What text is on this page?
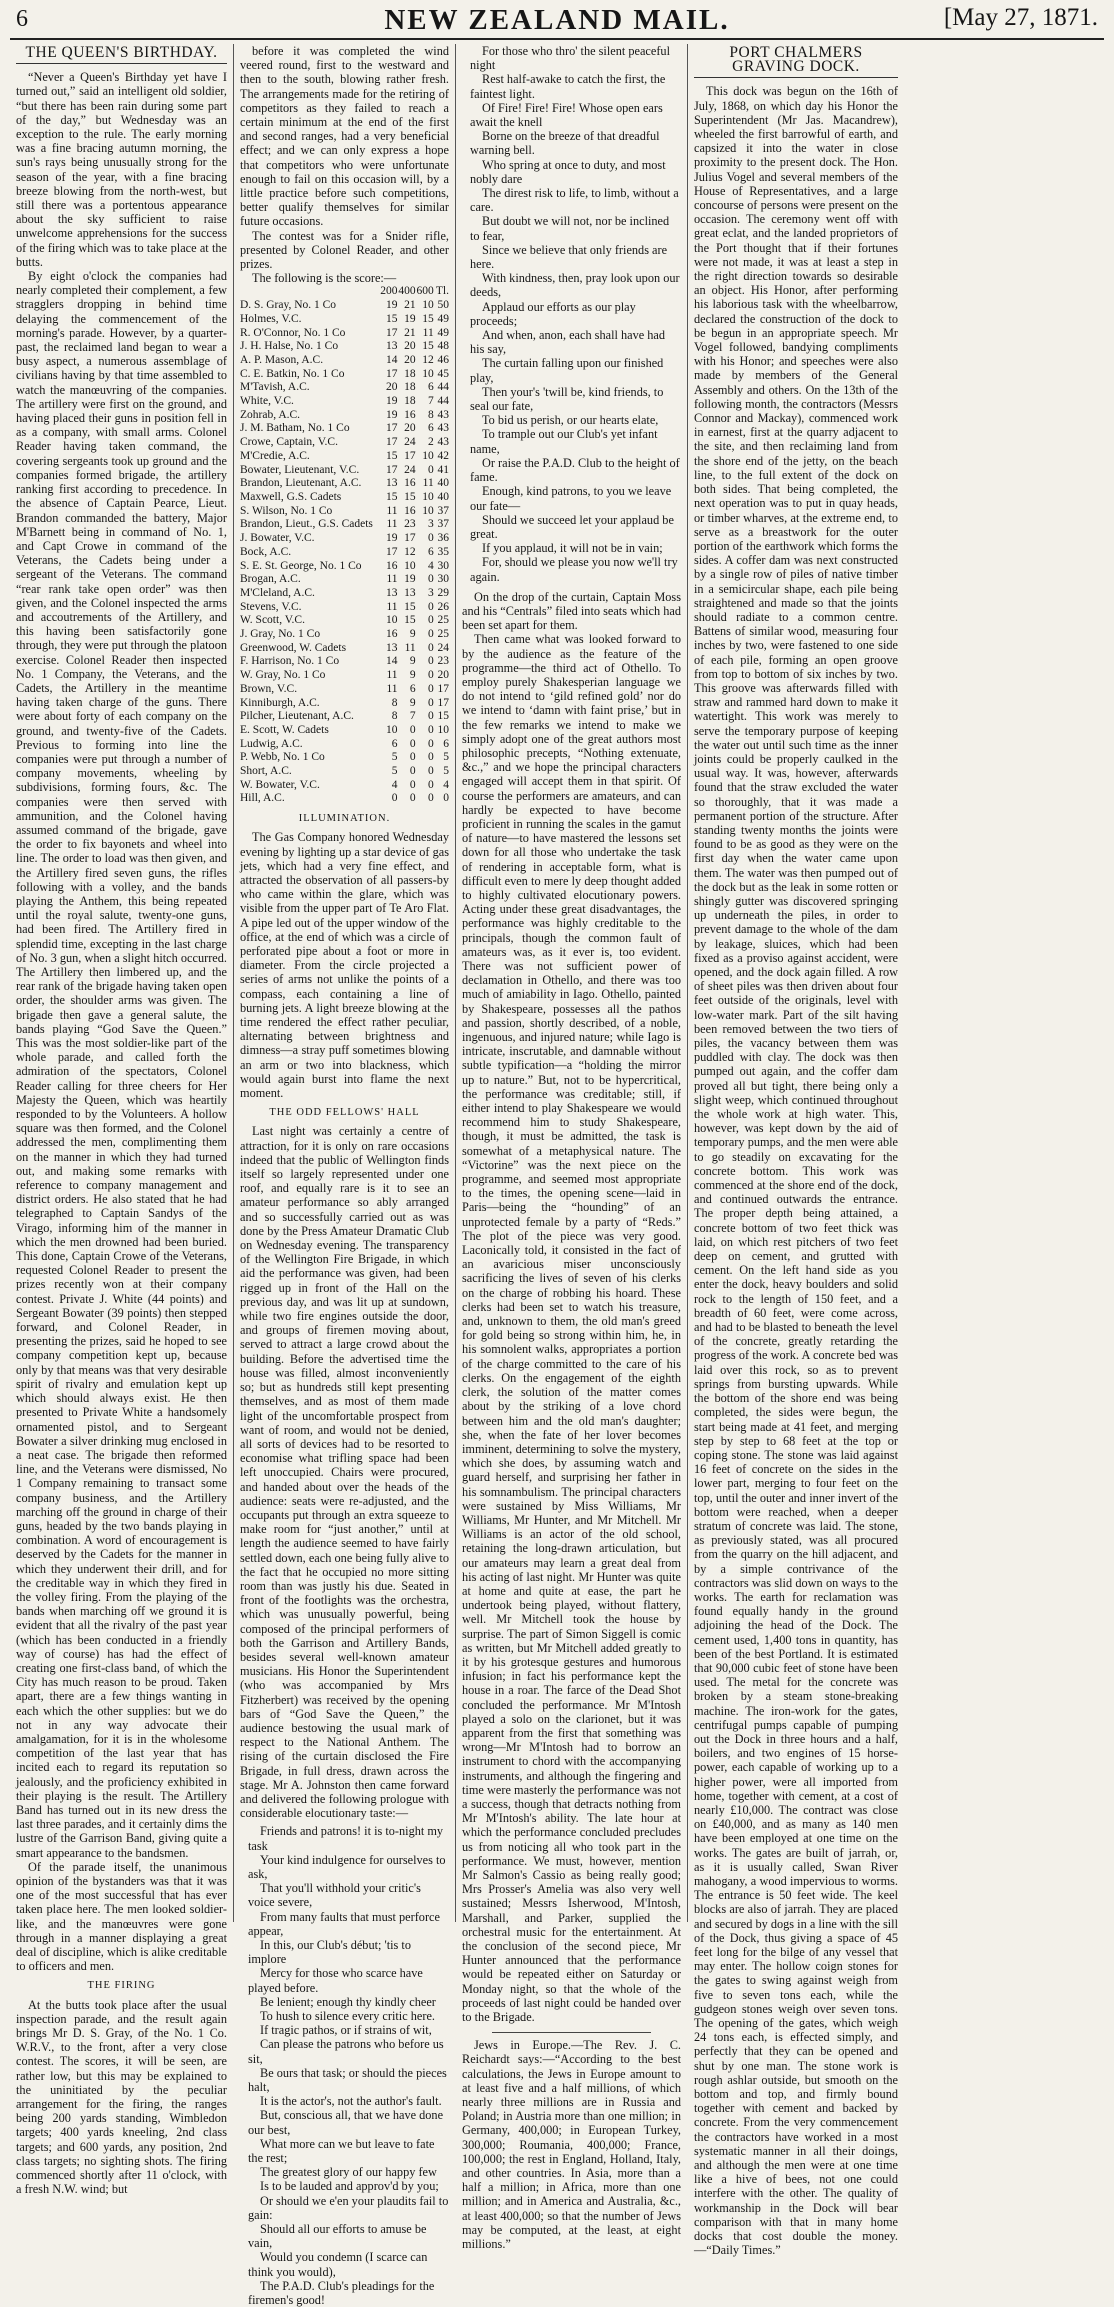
6	NEW ZEALAND MAIL.	[May 27, 1871.
THE QUEEN'S BIRTHDAY.

“Never a Queen's Birthday yet have I turned out,” said an intelligent old soldier, “but there has been rain during some part of the day,” but Wednesday was an exception to the rule. The early morning was a fine bracing autumn morning, the sun's rays being unusually strong for the season of the year, with a fine bracing breeze blowing from the north-west, but still there was a portentous appearance about the sky sufficient to raise unwelcome apprehensions for the success of the firing which was to take place at the butts.

By eight o'clock the companies had nearly completed their complement, a few stragglers dropping in behind time delaying the commencement of the morning's parade. However, by a quarter-past, the reclaimed land began to wear a busy aspect, a numerous assemblage of civilians having by that time assembled to watch the manœuvring of the companies. The artillery were first on the ground, and having placed their guns in position fell in as a company, with small arms. Colonel Reader having taken command, the covering sergeants took up ground and the companies formed brigade, the artillery ranking first according to precedence. In the absence of Captain Pearce, Lieut. Brandon commanded the battery, Major M'Barnett being in command of No. 1, and Capt Crowe in command of the Veterans, the Cadets being under a sergeant of the Veterans. The command “rear rank take open order” was then given, and the Colonel inspected the arms and accoutrements of the Artillery, and this having been satisfactorily gone through, they were put through the platoon exercise. Colonel Reader then inspected No. 1 Company, the Veterans, and the Cadets, the Artillery in the meantime having taken charge of the guns. There were about forty of each company on the ground, and twenty-five of the Cadets. Previous to forming into line the companies were put through a number of company movements, wheeling by subdivisions, forming fours, &c. The companies were then served with ammunition, and the Colonel having assumed command of the brigade, gave the order to fix bayonets and wheel into line. The order to load was then given, and the Artillery fired seven guns, the rifles following with a volley, and the bands playing the Anthem, this being repeated until the royal salute, twenty-one guns, had been fired. The Artillery fired in splendid time, excepting in the last charge of No. 3 gun, when a slight hitch occurred. The Artillery then limbered up, and the rear rank of the brigade having taken open order, the shoulder arms was given. The brigade then gave a general salute, the bands playing “God Save the Queen.” This was the most soldier-like part of the whole parade, and called forth the admiration of the spectators, Colonel Reader calling for three cheers for Her Majesty the Queen, which was heartily responded to by the Volunteers. A hollow square was then formed, and the Colonel addressed the men, complimenting them on the manner in which they had turned out, and making some remarks with reference to company management and district orders. He also stated that he had telegraphed to Captain Sandys of the Virago, informing him of the manner in which the men drowned had been buried. This done, Captain Crowe of the Veterans, requested Colonel Reader to present the prizes recently won at their company contest. Private J. White (44 points) and Sergeant Bowater (39 points) then stepped forward, and Colonel Reader, in presenting the prizes, said he hoped to see company competition kept up, because only by that means was that very desirable spirit of rivalry and emulation kept up which should always exist. He then presented to Private White a handsomely ornamented pistol, and to Sergeant Bowater a silver drinking mug enclosed in a neat case. The brigade then reformed line, and the Veterans were dismissed, No 1 Company remaining to transact some company business, and the Artillery marching off the ground in charge of their guns, headed by the two bands playing in combination. A word of encouragement is deserved by the Cadets for the manner in which they underwent their drill, and for the creditable way in which they fired in the volley firing. From the playing of the bands when marching off we ground it is evident that all the rivalry of the past year (which has been conducted in a friendly way of course) has had the effect of creating one first-class band, of which the City has much reason to be proud. Taken apart, there are a few things wanting in each which the other supplies: but we do not in any way advocate their amalgamation, for it is in the wholesome competition of the last year that has incited each to regard its reputation so jealously, and the proficiency exhibited in their playing is the result. The Artillery Band has turned out in its new dress the last three parades, and it certainly dims the lustre of the Garrison Band, giving quite a smart appearance to the bandsmen.

Of the parade itself, the unanimous opinion of the bystanders was that it was one of the most successful that has ever taken place here. The men looked soldier-like, and the manœuvres were gone through in a manner displaying a great deal of discipline, which is alike creditable to officers and men.

THE FIRING

At the butts took place after the usual inspection parade, and the result again brings Mr D. S. Gray, of the No. 1 Co. W.R.V., to the front, after a very close contest. The scores, it will be seen, are rather low, but this may be explained to the uninitiated by the peculiar arrangement for the firing, the ranges being 200 yards standing, Wimbledon targets; 400 yards kneeling, 2nd class targets; and 600 yards, any position, 2nd class targets; no sighting shots. The firing commenced shortly after 11 o'clock, with a fresh N.W. wind; but

before it was completed the wind veered round, first to the westward and then to the south, blowing rather fresh. The arrangements made for the retiring of competitors as they failed to reach a certain minimum at the end of the first and second ranges, had a very beneficial effect; and we can only express a hope that competitors who were unfortunate enough to fail on this occasion will, by a little practice before such competitions, better qualify themselves for similar future occasions.

The contest was for a Snider rifle, presented by Colonel Reader, and other prizes.

The following is the score:—

	200	400	600	Tl.
D. S. Gray, No. 1 Co	19	21	10	50
Holmes, V.C.	15	19	15	49
R. O'Connor, No. 1 Co	17	21	11	49
J. H. Halse, No. 1 Co	13	20	15	48
A. P. Mason, A.C.	14	20	12	46
C. E. Batkin, No. 1 Co	17	18	10	45
M'Tavish, A.C.	20	18	6	44
White, V.C.	19	18	7	44
Zohrab, A.C.	19	16	8	43
J. M. Batham, No. 1 Co	17	20	6	43
Crowe, Captain, V.C.	17	24	2	43
M'Credie, A.C.	15	17	10	42
Bowater, Lieutenant, V.C.	17	24	0	41
Brandon, Lieutenant, A.C.	13	16	11	40
Maxwell, G.S. Cadets	15	15	10	40
S. Wilson, No. 1 Co	11	16	10	37
Brandon, Lieut., G.S. Cadets	11	23	3	37
J. Bowater, V.C.	19	17	0	36
Bock, A.C.	17	12	6	35
S. E. St. George, No. 1 Co	16	10	4	30
Brogan, A.C.	11	19	0	30
M'Cleland, A.C.	13	13	3	29
Stevens, V.C.	11	15	0	26
W. Scott, V.C.	10	15	0	25
J. Gray, No. 1 Co	16	9	0	25
Greenwood, W. Cadets	13	11	0	24
F. Harrison, No. 1 Co	14	9	0	23
W. Gray, No. 1 Co	11	9	0	20
Brown, V.C.	11	6	0	17
Kinniburgh, A.C.	8	9	0	17
Pilcher, Lieutenant, A.C.	8	7	0	15
E. Scott, W. Cadets	10	0	0	10
Ludwig, A.C.	6	0	0	6
P. Webb, No. 1 Co	5	0	0	5
Short, A.C.	5	0	0	5
W. Bowater, V.C.	4	0	0	4
Hill, A.C.	0	0	0	0
ILLUMINATION.

The Gas Company honored Wednesday evening by lighting up a star device of gas jets, which had a very fine effect, and attracted the observation of all passers-by who came within the glare, which was visible from the upper part of Te Aro Flat. A pipe led out of the upper window of the office, at the end of which was a circle of perforated pipe about a foot or more in diameter. From the circle projected a series of arms not unlike the points of a compass, each containing a line of burning jets. A light breeze blowing at the time rendered the effect rather peculiar, alternating between brightness and dimness—a stray puff sometimes blowing an arm or two into blackness, which would again burst into flame the next moment.

THE ODD FELLOWS' HALL

Last night was certainly a centre of attraction, for it is only on rare occasions indeed that the public of Wellington finds itself so largely represented under one roof, and equally rare is it to see an amateur performance so ably arranged and so successfully carried out as was done by the Press Amateur Dramatic Club on Wednesday evening. The transparency of the Wellington Fire Brigade, in which aid the performance was given, had been rigged up in front of the Hall on the previous day, and was lit up at sundown, while two fire engines outside the door, and groups of firemen moving about, served to attract a large crowd about the building. Before the advertised time the house was filled, almost inconveniently so; but as hundreds still kept presenting themselves, and as most of them made light of the uncomfortable prospect from want of room, and would not be denied, all sorts of devices had to be resorted to economise what trifling space had been left unoccupied. Chairs were procured, and handed about over the heads of the audience: seats were re-adjusted, and the occupants put through an extra squeeze to make room for “just another,” until at length the audience seemed to have fairly settled down, each one being fully alive to the fact that he occupied no more sitting room than was justly his due. Seated in front of the footlights was the orchestra, which was unusually powerful, being composed of the principal performers of both the Garrison and Artillery Bands, besides several well-known amateur musicians. His Honor the Superintendent (who was accompanied by Mrs Fitzherbert) was received by the opening bars of “God Save the Queen,” the audience bestowing the usual mark of respect to the National Anthem. The rising of the curtain disclosed the Fire Brigade, in full dress, drawn across the stage. Mr A. Johnston then came forward and delivered the following prologue with considerable elocutionary taste:—

Friends and patrons! it is to-night my task

Your kind indulgence for ourselves to ask,

That you'll withhold your critic's voice severe,

From many faults that must perforce appear,

In this, our Club's début; 'tis to implore

Mercy for those who scarce have played before.

Be lenient; enough thy kindly cheer

To hush to silence every critic here.

If tragic pathos, or if strains of wit,

Can please the patrons who before us sit,

Be ours that task; or should the pieces halt,

It is the actor's, not the author's fault.

But, conscious all, that we have done our best,

What more can we but leave to fate the rest;

The greatest glory of our happy few

Is to be lauded and approv'd by you;

Or should we e'en your plaudits fail to gain:

Should all our efforts to amuse be vain,

Would you condemn (I scarce can think you would),

The P.A.D. Club's pleadings for the firemen's good!

For those who thro' the silent peaceful night

Rest half-awake to catch the first, the faintest light.

Of Fire! Fire! Fire! Whose open ears await the knell

Borne on the breeze of that dreadful warning bell.

Who spring at once to duty, and most nobly dare

The direst risk to life, to limb, without a care.

But doubt we will not, nor be inclined to fear,

Since we believe that only friends are here.

With kindness, then, pray look upon our deeds,

Applaud our efforts as our play proceeds;

And when, anon, each shall have had his say,

The curtain falling upon our finished play,

Then your's 'twill be, kind friends, to seal our fate,

To bid us perish, or our hearts elate,

To trample out our Club's yet infant name,

Or raise the P.A.D. Club to the height of fame.

Enough, kind patrons, to you we leave our fate—

Should we succeed let your applaud be great.

If you applaud, it will not be in vain;

For, should we please you now we'll try again.

On the drop of the curtain, Captain Moss and his “Centrals” filed into seats which had been set apart for them.

Then came what was looked forward to by the audience as the feature of the programme—the third act of Othello. To employ purely Shakesperian language we do not intend to ‘gild refined gold’ nor do we intend to ‘damn with faint prise,’ but in the few remarks we intend to make we simply adopt one of the great authors most philosophic precepts, “Nothing extenuate, &c.,” and we hope the principal characters engaged will accept them in that spirit. Of course the performers are amateurs, and can hardly be expected to have become proficient in running the scales in the gamut of nature—to have mastered the lessons set down for all those who undertake the task of rendering in acceptable form, what is difficult even to mere ly deep thought added to highly cultivated elocutionary powers. Acting under these great disadvantages, the performance was highly creditable to the principals, though the common fault of amateurs was, as it ever is, too evident. There was not sufficient power of declamation in Othello, and there was too much of amiability in Iago. Othello, painted by Shakespeare, possesses all the pathos and passion, shortly described, of a noble, ingenuous, and injured nature; while Iago is intricate, inscrutable, and damnable without subtle typification—a “holding the mirror up to nature.” But, not to be hypercritical, the performance was creditable; still, if either intend to play Shakespeare we would recommend him to study Shakespeare, though, it must be admitted, the task is somewhat of a metaphysical nature. The “Victorine” was the next piece on the programme, and seemed most appropriate to the times, the opening scene—laid in Paris—being the “hounding” of an unprotected female by a party of “Reds.” The plot of the piece was very good. Laconically told, it consisted in the fact of an avaricious miser unconsciously sacrificing the lives of seven of his clerks on the charge of robbing his hoard. These clerks had been set to watch his treasure, and, unknown to them, the old man's greed for gold being so strong within him, he, in his somnolent walks, appropriates a portion of the charge committed to the care of his clerks. On the engagement of the eighth clerk, the solution of the matter comes about by the striking of a love chord between him and the old man's daughter; she, when the fate of her lover becomes imminent, determining to solve the mystery, which she does, by assuming watch and guard herself, and surprising her father in his somnambulism. The principal characters were sustained by Miss Williams, Mr Williams, Mr Hunter, and Mr Mitchell. Mr Williams is an actor of the old school, retaining the long-drawn articulation, but our amateurs may learn a great deal from his acting of last night. Mr Hunter was quite at home and quite at ease, the part he undertook being played, without flattery, well. Mr Mitchell took the house by surprise. The part of Simon Siggell is comic as written, but Mr Mitchell added greatly to it by his grotesque gestures and humorous infusion; in fact his performance kept the house in a roar. The farce of the Dead Shot concluded the performance. Mr M'Intosh played a solo on the clarionet, but it was apparent from the first that something was wrong—Mr M'Intosh had to borrow an instrument to chord with the accompanying instruments, and although the fingering and time were masterly the performance was not a success, though that detracts nothing from Mr M'Intosh's ability. The late hour at which the performance concluded precludes us from noticing all who took part in the performance. We must, however, mention Mr Salmon's Cassio as being really good; Mrs Prosser's Amelia was also very well sustained; Messrs Isherwood, M'Intosh, Marshall, and Parker, supplied the orchestral music for the entertainment. At the conclusion of the second piece, Mr Hunter announced that the performance would be repeated either on Saturday or Monday night, so that the whole of the proceeds of last night could be handed over to the Brigade.

Jews in Europe.—The Rev. J. C. Reichardt says:—“According to the best calculations, the Jews in Europe amount to at least five and a half millions, of which nearly three millions are in Russia and Poland; in Austria more than one million; in Germany, 400,000; in European Turkey, 300,000; Roumania, 400,000; France, 100,000; the rest in England, Holland, Italy, and other countries. In Asia, more than a half a million; in Africa, more than one million; and in America and Australia, &c., at least 400,000; so that the number of Jews may be computed, at the least, at eight millions.”

PORT CHALMERS GRAVING DOCK.

This dock was begun on the 16th of July, 1868, on which day his Honor the Superintendent (Mr Jas. Macandrew), wheeled the first barrowful of earth, and capsized it into the water in close proximity to the present dock. The Hon. Julius Vogel and several members of the House of Representatives, and a large concourse of persons were present on the occasion. The ceremony went off with great eclat, and the landed proprietors of the Port thought that if their fortunes were not made, it was at least a step in the right direction towards so desirable an object. His Honor, after performing his laborious task with the wheelbarrow, declared the construction of the dock to be begun in an appropriate speech. Mr Vogel followed, bandying compliments with his Honor; and speeches were also made by members of the General Assembly and others. On the 13th of the following month, the contractors (Messrs Connor and Mackay), commenced work in earnest, first at the quarry adjacent to the site, and then reclaiming land from the shore end of the jetty, on the beach line, to the full extent of the dock on both sides. That being completed, the next operation was to put in quay heads, or timber wharves, at the extreme end, to serve as a breastwork for the outer portion of the earthwork which forms the sides. A coffer dam was next constructed by a single row of piles of native timber in a semicircular shape, each pile being straightened and made so that the joints should radiate to a common centre. Battens of similar wood, measuring four inches by two, were fastened to one side of each pile, forming an open groove from top to bottom of six inches by two. This groove was afterwards filled with straw and rammed hard down to make it watertight. This work was merely to serve the temporary purpose of keeping the water out until such time as the inner joints could be properly caulked in the usual way. It was, however, afterwards found that the straw excluded the water so thoroughly, that it was made a permanent portion of the structure. After standing twenty months the joints were found to be as good as they were on the first day when the water came upon them. The water was then pumped out of the dock but as the leak in some rotten or shingly gutter was discovered springing up underneath the piles, in order to prevent damage to the whole of the dam by leakage, sluices, which had been fixed as a proviso against accident, were opened, and the dock again filled. A row of sheet piles was then driven about four feet outside of the originals, level with low-water mark. Part of the silt having been removed between the two tiers of piles, the vacancy between them was puddled with clay. The dock was then pumped out again, and the coffer dam proved all but tight, there being only a slight weep, which continued throughout the whole work at high water. This, however, was kept down by the aid of temporary pumps, and the men were able to go steadily on excavating for the concrete bottom. This work was commenced at the shore end of the dock, and continued outwards the entrance. The proper depth being attained, a concrete bottom of two feet thick was laid, on which rest pitchers of two feet deep on cement, and grutted with cement. On the left hand side as you enter the dock, heavy boulders and solid rock to the length of 150 feet, and a breadth of 60 feet, were come across, and had to be blasted to beneath the level of the concrete, greatly retarding the progress of the work. A concrete bed was laid over this rock, so as to prevent springs from bursting upwards. While the bottom of the shore end was being completed, the sides were begun, the start being made at 41 feet, and merging step by step to 68 feet at the top or coping stone. The stone was laid against 16 feet of concrete on the sides in the lower part, merging to four feet on the top, until the outer and inner invert of the bottom were reached, when a deeper stratum of concrete was laid. The stone, as previously stated, was all procured from the quarry on the hill adjacent, and by a simple contrivance of the contractors was slid down on ways to the works. The earth for reclamation was found equally handy in the ground adjoining the head of the Dock. The cement used, 1,400 tons in quantity, has been of the best Portland. It is estimated that 90,000 cubic feet of stone have been used. The metal for the concrete was broken by a steam stone-breaking machine. The iron-work for the gates, centrifugal pumps capable of pumping out the Dock in three hours and a half, boilers, and two engines of 15 horse-power, each capable of working up to a higher power, were all imported from home, together with cement, at a cost of nearly £10,000. The contract was close on £40,000, and as many as 140 men have been employed at one time on the works. The gates are built of jarrah, or, as it is usually called, Swan River mahogany, a wood impervious to worms. The entrance is 50 feet wide. The keel blocks are also of jarrah. They are placed and secured by dogs in a line with the sill of the Dock, thus giving a space of 45 feet long for the bilge of any vessel that may enter. The hollow coign stones for the gates to swing against weigh from five to seven tons each, while the gudgeon stones weigh over seven tons. The opening of the gates, which weigh 24 tons each, is effected simply, and perfectly that they can be opened and shut by one man. The stone work is rough ashlar outside, but smooth on the bottom and top, and firmly bound together with cement and backed by concrete. From the very commencement the contractors have worked in a most systematic manner in all their doings, and although the men were at one time like a hive of bees, not one could interfere with the other. The quality of workmanship in the Dock will bear comparison with that in many home docks that cost double the money.—“Daily Times.”
